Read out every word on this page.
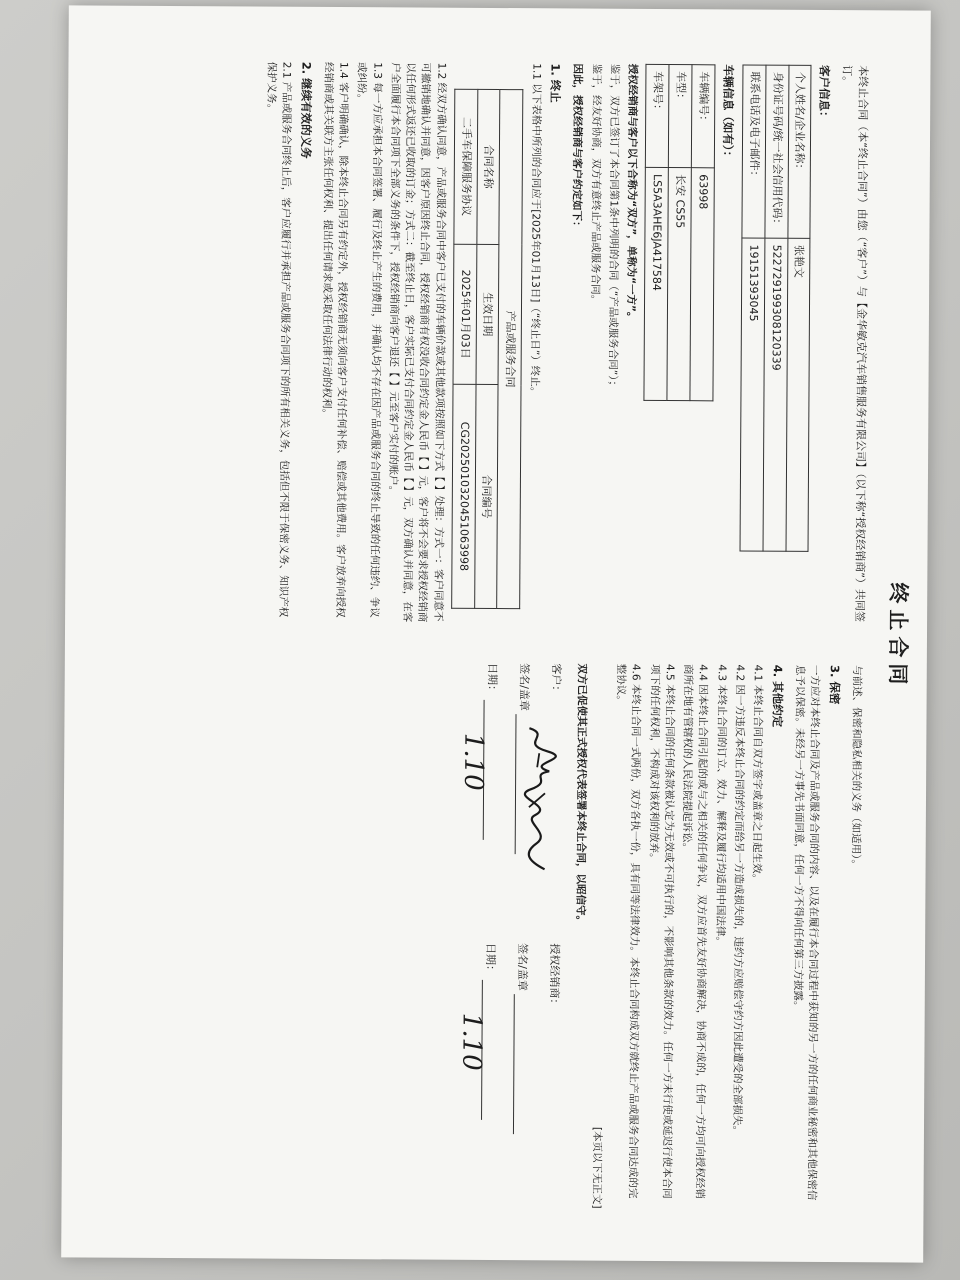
终止合同
本终止合同（本“终止合同”）由您（“客户”）与【金华敏克汽车销售服务有限公司】（以下称“授权经销商”）共同签订。
客户信息：
个人姓名/企业名称：	张艳文
身份证号码/统一社会信用代码：	522729199308120339
联系电话及电子邮件：	19151393045
车辆信息（如有）：
车辆编号：	63998
车型：	长安 CS55
车架号：	LS5A3AHE6JA417584
授权经销商与客户以下合称为“双方”，单称为“一方”。
鉴于，双方已签订了本合同第1条中列明的合同（“产品或服务合同”）；
鉴于，经友好协商，双方有意终止产品或服务合同。
因此，授权经销商与客户约定如下：
1. 终止
1.1 以下表格中所列的合同应于[2025年01月13日]（“终止日”）终止。
产品或服务合同		
合同名称	生效日期	合同编号
二手车保障服务协议	2025年01月03日	CG20250103204510​63998
1.2 经双方确认同意，产品或服务合同中客户已支付的车辆价款或其他款项按照如下方式【 】处理：方式一：客户同意不可撤销地确认并同意，因客户原因终止合同，授权经销商有权没收合同约定金人民币【 】元，客户将不会要求授权经销商以任何形式返还已收取的订金；方式二：截至终止日，客户实际已支付合同约定金人民币【 】元，双方确认并同意，在客户全面履行本合同项下全部义务的条件下，授权经销商向客户退还【 】元至客户实付的账户。
1.3 每一方应承担本合同签署、履行及终止产生的费用，并确认均不存在因产品或服务合同的终止导致的任何违约、争议或纠纷。
1.4 客户明确确认，除本终止合同另有约定外，授权经销商无须向客户支付任何补偿、赔偿或其他费用。客户放弃向授权经销商或其关联方主张任何权利、提出任何请求或采取任何法律行动的权利。
2. 继续有效的义务
2.1 产品或服务合同终止后，客户应履行并承担产品或服务合同项下的所有相关义务，包括但不限于保密义务、知识产权保护义务。
与前述、保密和隐私相关的义务（如适用）。
3. 保密
一方应对本终止合同及产品或服务合同的内容、以及在履行本合同过程中获知的另一方的任何商业秘密和其他保密信息予以保密。未经另一方事先书面同意，任何一方不得向任何第三方披露。
4. 其他约定
4.1 本终止合同自双方签字或盖章之日起生效。
4.2 因一方违反本终止合同的约定而给另一方造成损失的，违约方应赔偿守约方因此遭受的全部损失。
4.3 本终止合同的订立、效力、解释及履行均适用中国法律。
4.4 因本终止合同引起的或与之相关的任何争议，双方应首先友好协商解决，协商不成的，任何一方均可向授权经销商所在地有管辖权的人民法院提起诉讼。
4.5 本终止合同的任何条款被认定为无效或不可执行的，不影响其他条款的效力。任何一方未行使或延迟行使本合同项下的任何权利，不构成对该权利的放弃。
4.6 本终止合同一式两份，双方各执一份，具有同等法律效力。本终止合同构成双方就终止产品或服务合同达成的完整协议。
[本页以下无正文]
双方已促使其正式授权代表签署本终止合同，以昭信守。
客户：
签名/盖章
日期：
1.10
授权经销商：
签名/盖章
日期：
1.10
